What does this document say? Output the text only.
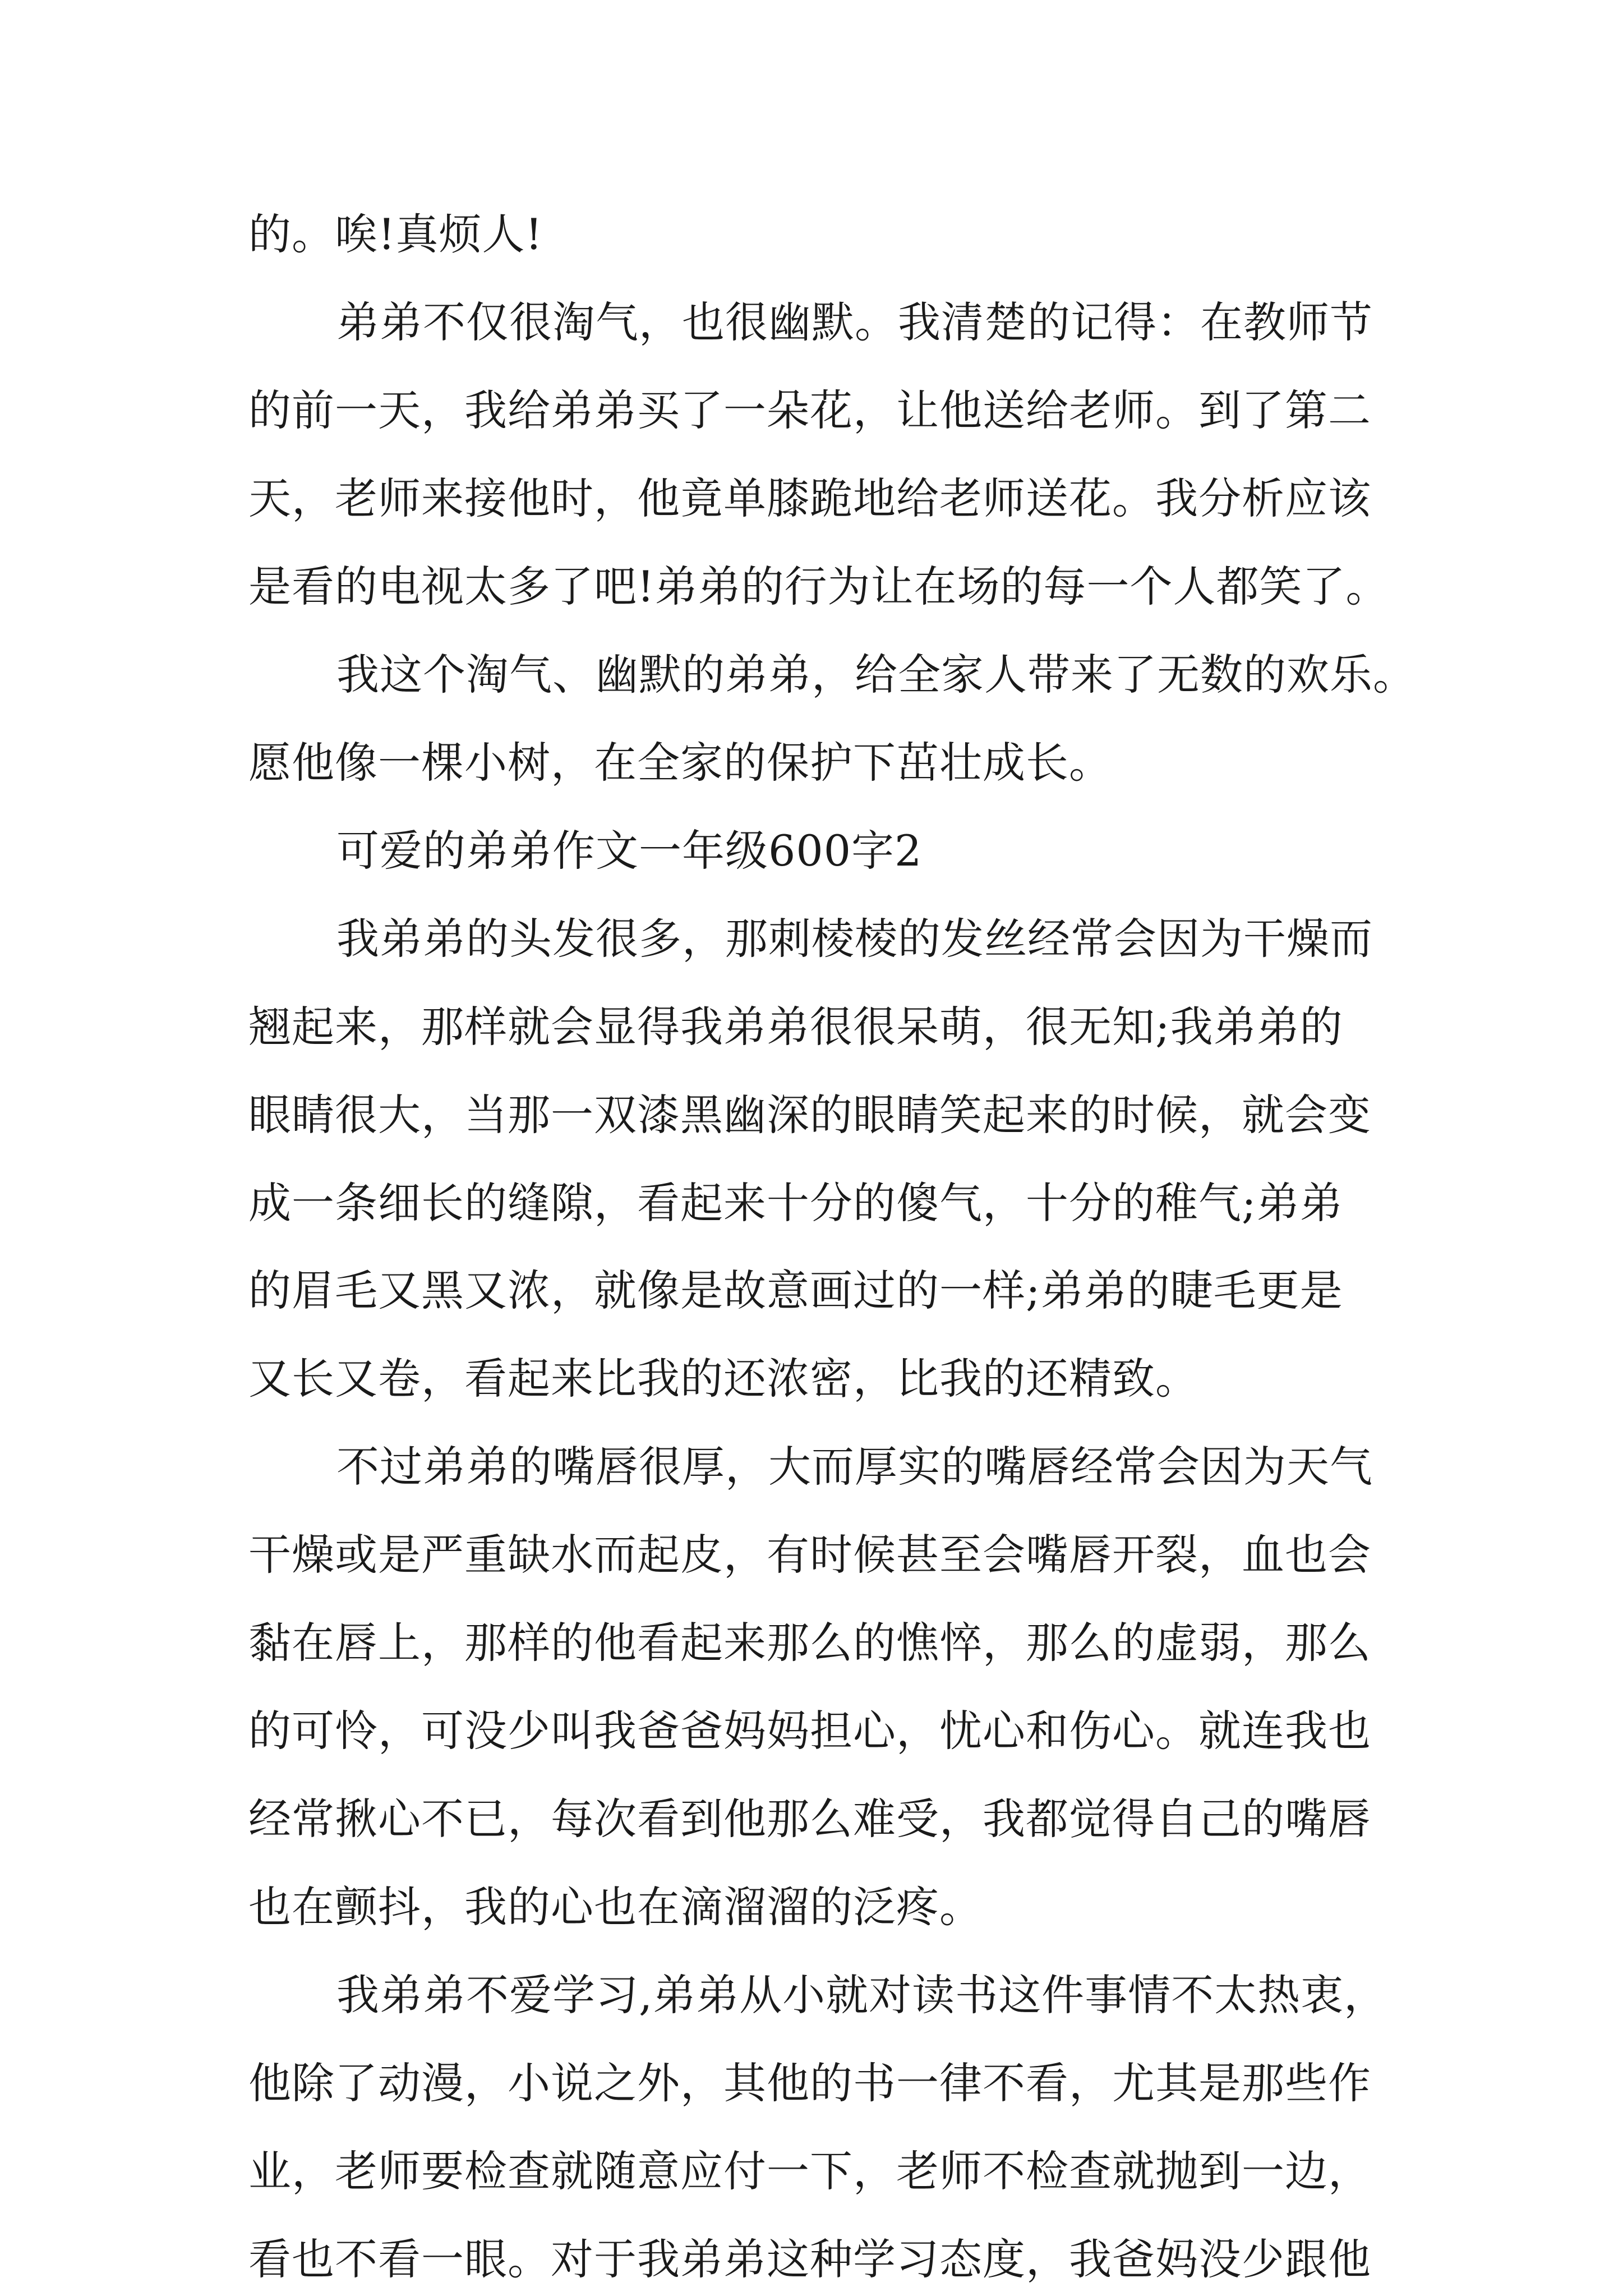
的。唉!真烦人!
弟弟不仅很淘气，也很幽默。我清楚的记得：在教师节
的前一天，我给弟弟买了一朵花，让他送给老师。到了第二
天，老师来接他时，他竟单膝跪地给老师送花。我分析应该
是看的电视太多了吧!弟弟的行为让在场的每一个人都笑了。
我这个淘气、幽默的弟弟，给全家人带来了无数的欢乐。
愿他像一棵小树，在全家的保护下茁壮成长。
可爱的弟弟作文一年级600字2
我弟弟的头发很多，那刺棱棱的发丝经常会因为干燥而
翘起来，那样就会显得我弟弟很很呆萌，很无知;我弟弟的
眼睛很大，当那一双漆黑幽深的眼睛笑起来的时候，就会变
成一条细长的缝隙，看起来十分的傻气，十分的稚气;弟弟
的眉毛又黑又浓，就像是故意画过的一样;弟弟的睫毛更是
又长又卷，看起来比我的还浓密，比我的还精致。
不过弟弟的嘴唇很厚，大而厚实的嘴唇经常会因为天气
干燥或是严重缺水而起皮，有时候甚至会嘴唇开裂，血也会
黏在唇上，那样的他看起来那么的憔悴，那么的虚弱，那么
的可怜，可没少叫我爸爸妈妈担心，忧心和伤心。就连我也
经常揪心不已，每次看到他那么难受，我都觉得自己的嘴唇
也在颤抖，我的心也在滴溜溜的泛疼。
我弟弟不爱学习,弟弟从小就对读书这件事情不太热衷，
他除了动漫，小说之外，其他的书一律不看，尤其是那些作
业，老师要检查就随意应付一下，老师不检查就抛到一边，
看也不看一眼。对于我弟弟这种学习态度，我爸妈没少跟他
